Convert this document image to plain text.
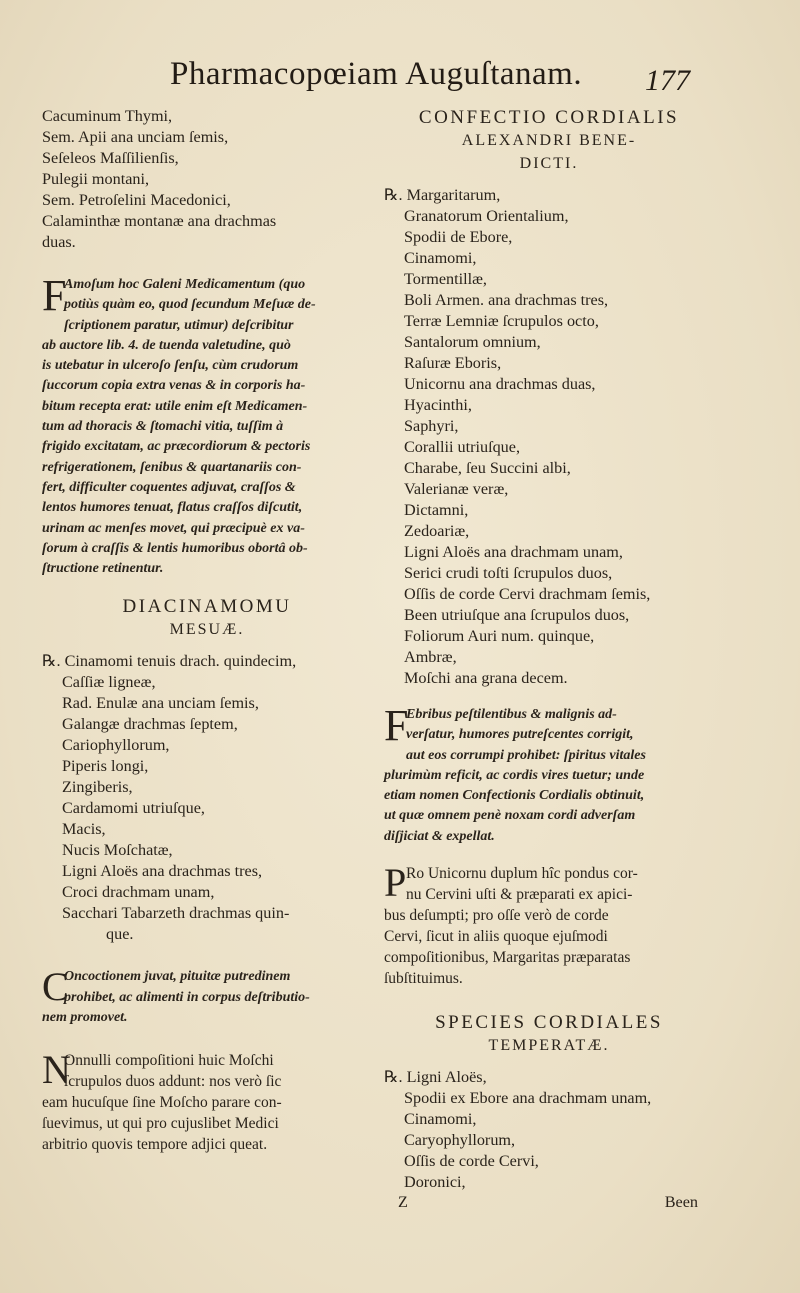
Pharmacopœiam Auguſtanam. 177
Cacuminum Thymi,
Sem. Apii ana unciam ſemis,
Seſeleos Maſſilienſis,
Pulegii montani,
Sem. Petroſelini Macedonici,
Calaminthæ montanæ ana drachmas
duas.
F
Amoſum hoc Galeni Medicamentum (quo
potiùs quàm eo, quod ſecundum Meſuæ de-
ſcriptionem paratur, utimur) deſcribitur
ab auctore lib. 4. de tuenda valetudine, quò
is utebatur in ulceroſo ſenſu, cùm crudorum
ſuccorum copia extra venas & in corporis ha-
bitum recepta erat: utile enim eſt Medicamen-
tum ad thoracis & ſtomachi vitia, tuſſim à
frigido excitatam, ac præcordiorum & pectoris
refrigerationem, ſenibus & quartanariis con-
fert, difficulter coquentes adjuvat, craſſos &
lentos humores tenuat, flatus craſſos diſcutit,
urinam ac menſes movet, qui præcipuè ex va-
ſorum à craſſis & lentis humoribus obortâ ob-
ſtructione retinentur.
DIACINAMOMU
MESUÆ.
℞. Cinamomi tenuis drach. quindecim,
Caſſiæ ligneæ,
Rad. Enulæ ana unciam ſemis,
Galangæ drachmas ſeptem,
Cariophyllorum,
Piperis longi,
Zingiberis,
Cardamomi utriuſque,
Macis,
Nucis Moſchatæ,
Ligni Aloës ana drachmas tres,
Croci drachmam unam,
Sacchari Tabarzeth drachmas quin-
que.
C
Oncoctionem juvat, pituitæ putredinem
prohibet, ac alimenti in corpus deſtributio-
nem promovet.
N
Onnulli compoſitioni huic Moſchi
ſcrupulos duos addunt: nos verò ſic
eam hucuſque ſine Moſcho parare con-
ſuevimus, ut qui pro cujuslibet Medici
arbitrio quovis tempore adjici queat.
CONFECTIO CORDIALIS
ALEXANDRI BENE-
DICTI.
℞. Margaritarum,
Granatorum Orientalium,
Spodii de Ebore,
Cinamomi,
Tormentillæ,
Boli Armen. ana drachmas tres,
Terræ Lemniæ ſcrupulos octo,
Santalorum omnium,
Raſuræ Eboris,
Unicornu ana drachmas duas,
Hyacinthi,
Saphyri,
Corallii utriuſque,
Charabe, ſeu Succini albi,
Valerianæ veræ,
Dictamni,
Zedoariæ,
Ligni Aloës ana drachmam unam,
Serici crudi toſti ſcrupulos duos,
Oſſis de corde Cervi drachmam ſemis,
Been utriuſque ana ſcrupulos duos,
Foliorum Auri num. quinque,
Ambræ,
Moſchi ana grana decem.
F
Ebribus peſtilentibus & malignis ad-
verſatur, humores putreſcentes corrigit,
aut eos corrumpi prohibet: ſpiritus vitales
plurimùm reficit, ac cordis vires tuetur; unde
etiam nomen Confectionis Cordialis obtinuit,
ut quæ omnem penè noxam cordi adverſam
diſjiciat & expellat.
P Ro Unicornu duplum hîc pondus cor-
nu Cervini uſti & præparati ex apici-
bus deſumpti; pro oſſe verò de corde
Cervi, ſicut in aliis quoque ejuſmodi
compoſitionibus, Margaritas præparatas
ſubſtituimus.
SPECIES CORDIALES
TEMPERATÆ.
℞. Ligni Aloës,
Spodii ex Ebore ana drachmam unam,
Cinamomi,
Caryophyllorum,
Oſſis de corde Cervi,
Doronici,
Z	Been
